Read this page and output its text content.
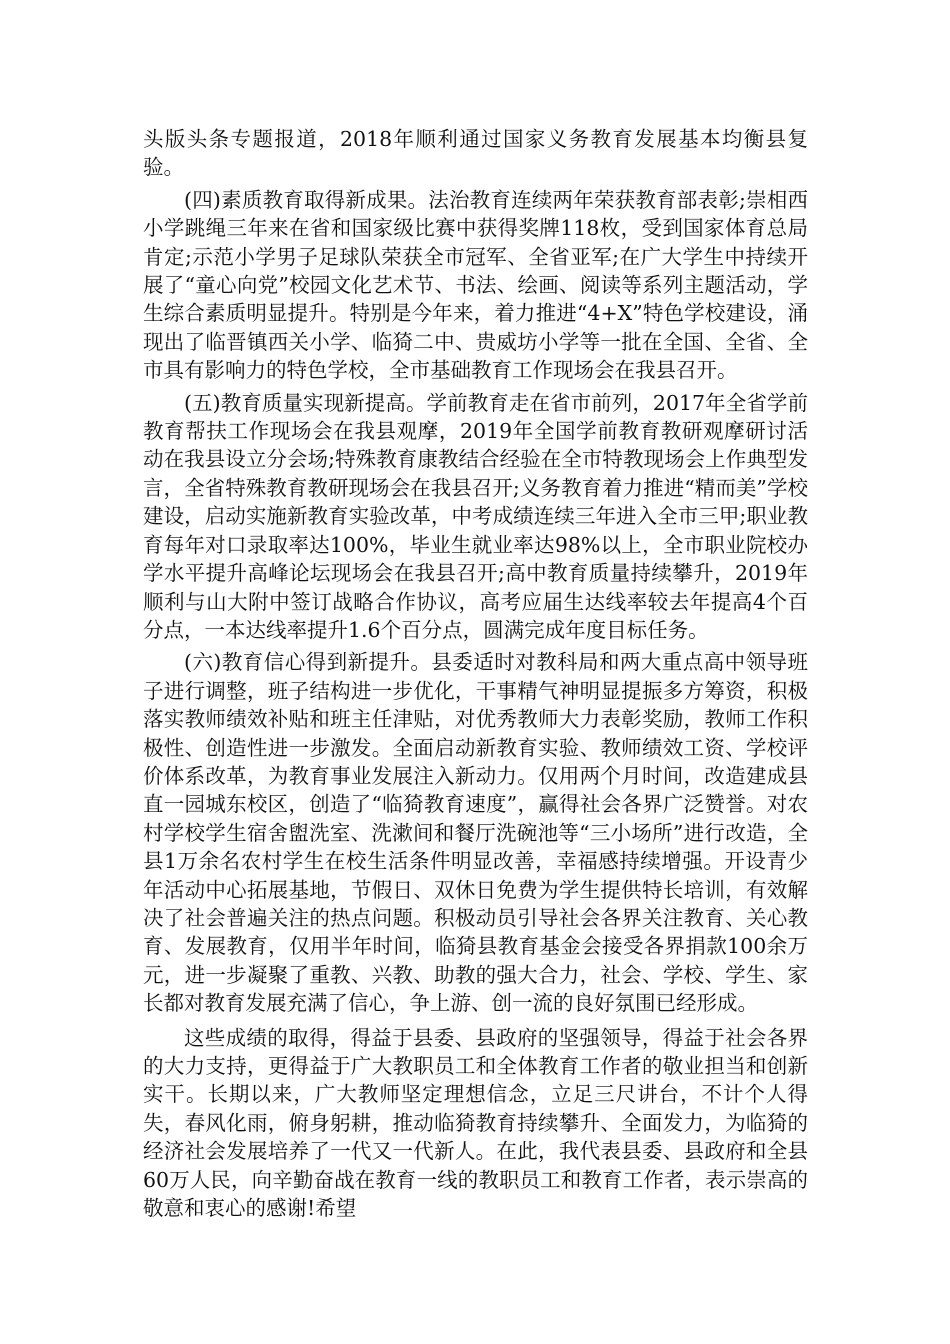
头版头条专题报道，2018年顺利通过国家义务教育发展基本均衡县复验。

(四)素质教育取得新成果。法治教育连续两年荣获教育部表彰;崇相西小学跳绳三年来在省和国家级比赛中获得奖牌118枚，受到国家体育总局肯定;示范小学男子足球队荣获全市冠军、全省亚军;在广大学生中持续开展了“童心向党”校园文化艺术节、书法、绘画、阅读等系列主题活动，学生综合素质明显提升。特别是今年来，着力推进“4+X”特色学校建设，涌现出了临晋镇西关小学、临猗二中、贵威坊小学等一批在全国、全省、全市具有影响力的特色学校，全市基础教育工作现场会在我县召开。

(五)教育质量实现新提高。学前教育走在省市前列，2017年全省学前教育帮扶工作现场会在我县观摩，2019年全国学前教育教研观摩研讨活动在我县设立分会场;特殊教育康教结合经验在全市特教现场会上作典型发言，全省特殊教育教研现场会在我县召开;义务教育着力推进“精而美”学校建设，启动实施新教育实验改革，中考成绩连续三年进入全市三甲;职业教育每年对口录取率达100%，毕业生就业率达98%以上，全市职业院校办学水平提升高峰论坛现场会在我县召开;高中教育质量持续攀升，2019年顺利与山大附中签订战略合作协议，高考应届生达线率较去年提高4个百分点，一本达线率提升1.6个百分点，圆满完成年度目标任务。

(六)教育信心得到新提升。县委适时对教科局和两大重点高中领导班子进行调整，班子结构进一步优化，干事精气神明显提振多方筹资，积极落实教师绩效补贴和班主任津贴，对优秀教师大力表彰奖励，教师工作积极性、创造性进一步激发。全面启动新教育实验、教师绩效工资、学校评价体系改革，为教育事业发展注入新动力。仅用两个月时间，改造建成县直一园城东校区，创造了“临猗教育速度”，赢得社会各界广泛赞誉。对农村学校学生宿舍盥洗室、洗漱间和餐厅洗碗池等“三小场所”进行改造，全县1万余名农村学生在校生活条件明显改善，幸福感持续增强。开设青少年活动中心拓展基地，节假日、双休日免费为学生提供特长培训，有效解决了社会普遍关注的热点问题。积极动员引导社会各界关注教育、关心教育、发展教育，仅用半年时间，临猗县教育基金会接受各界捐款100余万元，进一步凝聚了重教、兴教、助教的强大合力，社会、学校、学生、家长都对教育发展充满了信心，争上游、创一流的良好氛围已经形成。

这些成绩的取得，得益于县委、县政府的坚强领导，得益于社会各界的大力支持，更得益于广大教职员工和全体教育工作者的敬业担当和创新实干。长期以来，广大教师坚定理想信念，立足三尺讲台，不计个人得失，春风化雨，俯身躬耕，推动临猗教育持续攀升、全面发力，为临猗的经济社会发展培养了一代又一代新人。在此，我代表县委、县政府和全县60万人民，向辛勤奋战在教育一线的教职员工和教育工作者，表示崇高的敬意和衷心的感谢!希望
